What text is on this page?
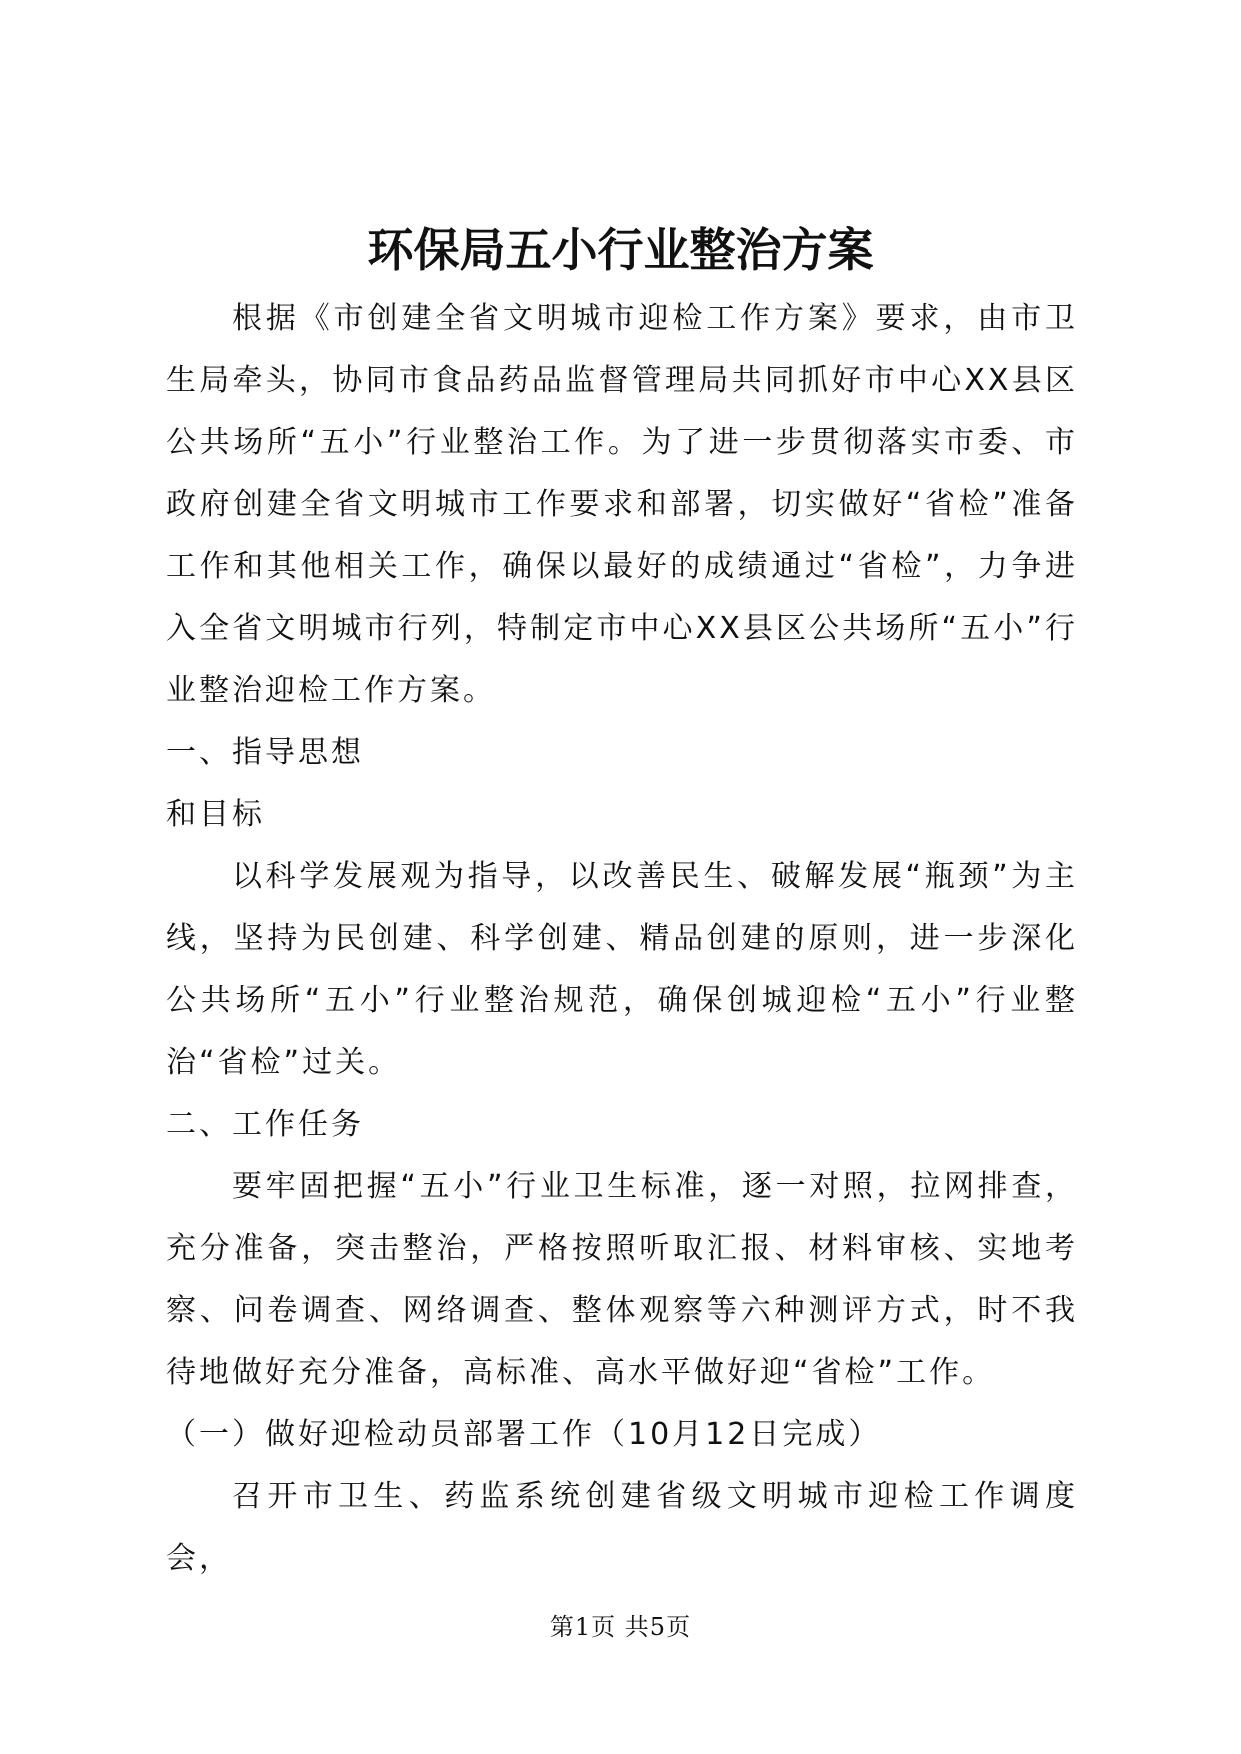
环保局五小行业整治方案

根据《市创建全省文明城市迎检工作方案》要求，由市卫生局牵头，协同市食品药品监督管理局共同抓好市中心XX县区公共场所“五小”行业整治工作。为了进一步贯彻落实市委、市政府创建全省文明城市工作要求和部署，切实做好“省检”准备工作和其他相关工作，确保以最好的成绩通过“省检”，力争进入全省文明城市行列，特制定市中心XX县区公共场所“五小”行业整治迎检工作方案。

一、指导思想

和目标

以科学发展观为指导，以改善民生、破解发展“瓶颈”为主线，坚持为民创建、科学创建、精品创建的原则，进一步深化公共场所“五小”行业整治规范，确保创城迎检“五小”行业整治“省检”过关。

二、工作任务

要牢固把握“五小”行业卫生标准，逐一对照，拉网排查，充分准备，突击整治，严格按照听取汇报、材料审核、实地考察、问卷调查、网络调查、整体观察等六种测评方式，时不我待地做好充分准备，高标准、高水平做好迎“省检”工作。

（一）做好迎检动员部署工作（10月12日完成）

召开市卫生、药监系统创建省级文明城市迎检工作调度会，

第1页 共5页
